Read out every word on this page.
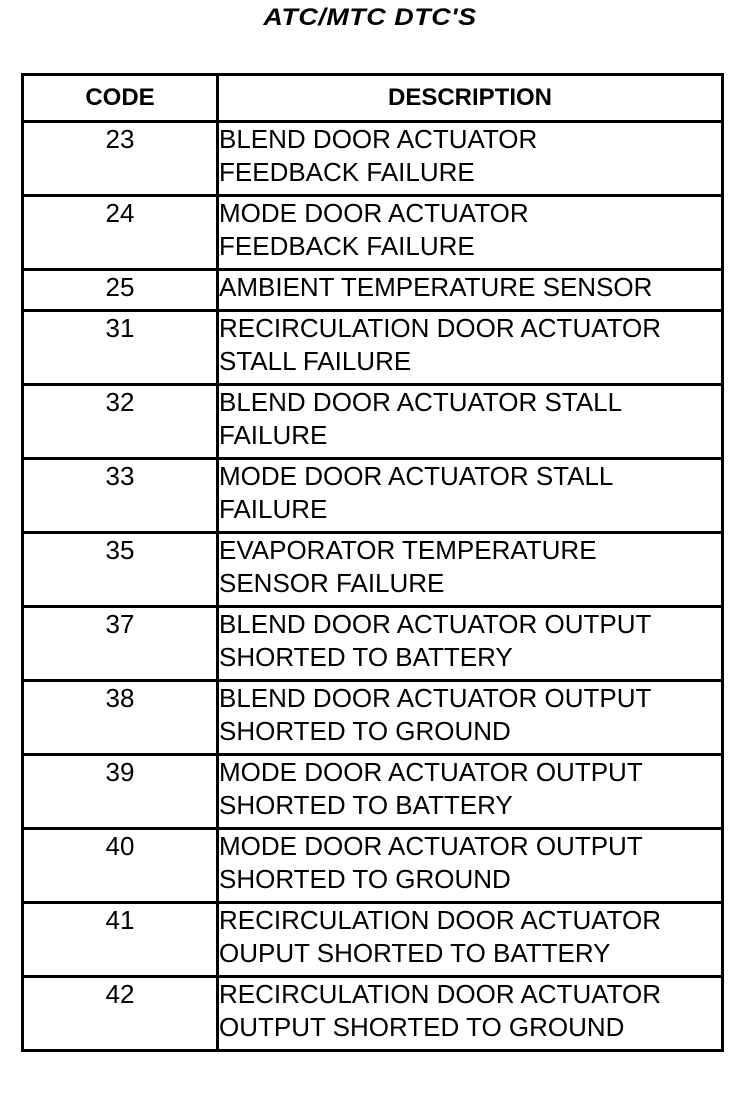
ATC/MTC DTC'S
CODE	DESCRIPTION
23	BLEND DOOR ACTUATOR
FEEDBACK FAILURE

24	MODE DOOR ACTUATOR
FEEDBACK FAILURE

25	AMBIENT TEMPERATURE SENSOR

31	RECIRCULATION DOOR ACTUATOR
STALL FAILURE

32	BLEND DOOR ACTUATOR STALL
FAILURE

33	MODE DOOR ACTUATOR STALL
FAILURE

35	EVAPORATOR TEMPERATURE
SENSOR FAILURE

37	BLEND DOOR ACTUATOR OUTPUT
SHORTED TO BATTERY

38	BLEND DOOR ACTUATOR OUTPUT
SHORTED TO GROUND

39	MODE DOOR ACTUATOR OUTPUT
SHORTED TO BATTERY

40	MODE DOOR ACTUATOR OUTPUT
SHORTED TO GROUND

41	RECIRCULATION DOOR ACTUATOR
OUPUT SHORTED TO BATTERY

42	RECIRCULATION DOOR ACTUATOR
OUTPUT SHORTED TO GROUND
